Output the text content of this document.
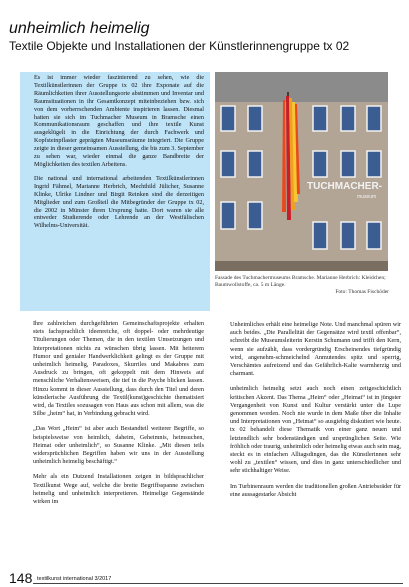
unheimlich heimelig
Textile Objekte und Installationen der Künstlerinnengruppe tx 02

Es ist immer wieder faszinierend zu sehen, wie die Textilkünstlerinnen der Gruppe tx 02 ihre Exponate auf die Räumlichkeiten ihrer Ausstellungsorte abstimmen und Inventar und Raumsituationen in ihr Gesamtkonzept miteinbeziehen bzw. sich von dem vorherrschenden Ambiente inspirieren lassen. Diesmal hatten sie sich im Tuchmacher Museum in Bramsche einen Kommunikationsraum geschaffen und ihre textile Kunst ausgeklügelt in die Einrichtung der durch Fachwerk und Kopfsteinpflaster geprägten Museumsräume integriert. Die Gruppe zeigte in dieser gemeinsamen Ausstellung, die bis zum 3. September zu sehen war, wieder einmal die ganze Bandbreite der Möglichkeiten des textilen Arbeitens.

Die national und international arbeitenden Textilkünstlerinnen Ingrid Fähmel, Marianne Herbrich, Mechthild Jülicher, Susanne Klinke, Ulrike Lindner und Birgit Reinken sind die derzeitigen Mitglieder und zum Großteil die Mitbegründer der Gruppe tx 02, die 2002 in Münster ihren Ursprung hatte. Dort waren sie alle entweder Studierende oder Lehrende an der Westfälischen Wilhelms-Universität.

TUCHMACHER-
museum
Fassade des Tuchmachermuseums Bramsche. Marianne Herbrich: Kleidchen; Baumwollstoffe, ca. 5 m Länge.
Foto: Thomas Fischöder

Ihre zahlreichen durchgeführten Gemeinschaftsprojekte erhalten stets fachsprachlich ideenreiche, oft doppel- oder mehrdeutige Titulierungen oder Themen, die in den textilen Umsetzungen und Interpretationen nichts zu wünschen übrig lassen. Mit heiterem Humor und genialer Handwerklichkeit gelingt es der Gruppe mit unheimlich heimelig, Paradoxes, Skurriles und Makabres zum Ausdruck zu bringen, oft gekoppelt mit dem Hinweis auf menschliche Verhaltensweisen, die tief in die Psyche blicken lassen. Hinzu kommt in dieser Ausstellung, dass durch den Titel und deren künstlerische Ausführung die Textil(kunst)geschichte thematisiert wird, da Textiles sozusagen von Haus aus schon mit allem, was die Silbe „heim“ hat, in Verbindung gebracht wird.

„Das Wort „Heim“ ist aber auch Bestandteil weiterer Begriffe, so beispielsweise von heimlich, daheim, Geheimnis, heimsuchen, Heimat oder unheimlich“, so Susanne Klinke. „Mit diesen teils widersprüchlichen Begriffen haben wir uns in der Ausstellung unheimlich heimelig beschäftigt.“

Mehr als ein Dutzend Installationen zeigen in bildsprachlicher Textilkunst Wege auf, welche die breite Begriffsspanne zwischen heimelig und unheimlich interpretieren. Heimelige Gegenstände wirken im

Unheimliches erhält eine heimelige Note. Und manchmal spüren wir auch beides. „Die Parallelität der Gegensätze wird textil offenbar“, schreibt die Museumsleiterin Kerstin Schumann und trifft den Kern, wenn sie aufzählt, dass vordergründig Erscheinendes tiefgründig wird, angenehm-schmeichelnd Anmutendes spitz und sperrig, Verschämtes aufreizend und das Gefährlich-Kalte warmherzig und charmant.

unheimlich heimelig setzt auch noch einen zeitgeschichtlich kritischen Akzent. Das Thema „Heim“ oder „Heimat“ ist in jüngster Vergangenheit von Kunst und Kultur verstärkt unter die Lupe genommen worden. Noch nie wurde in dem Maße über die Inhalte und Interpretationen von „Heimat“ so ausgiebig diskutiert wie heute. tx 02 behandelt diese Thematik von einer ganz neuen und letztendlich sehr bodenständigen und ursprünglichen Seite. Wie fröhlich oder traurig, unheimlich oder heimelig etwas auch sein mag, steckt es in einfachen Alltagsdingen, das die Künstlerinnen sehr wohl zu „textilen“ wissen, und dies in ganz unterschiedlicher und sehr stichhaltiger Weise.

Im Turbinenraum werden die traditionellen großen Antriebsräder für eine aussagestarke Absicht

148 textilkunst international 3/2017
